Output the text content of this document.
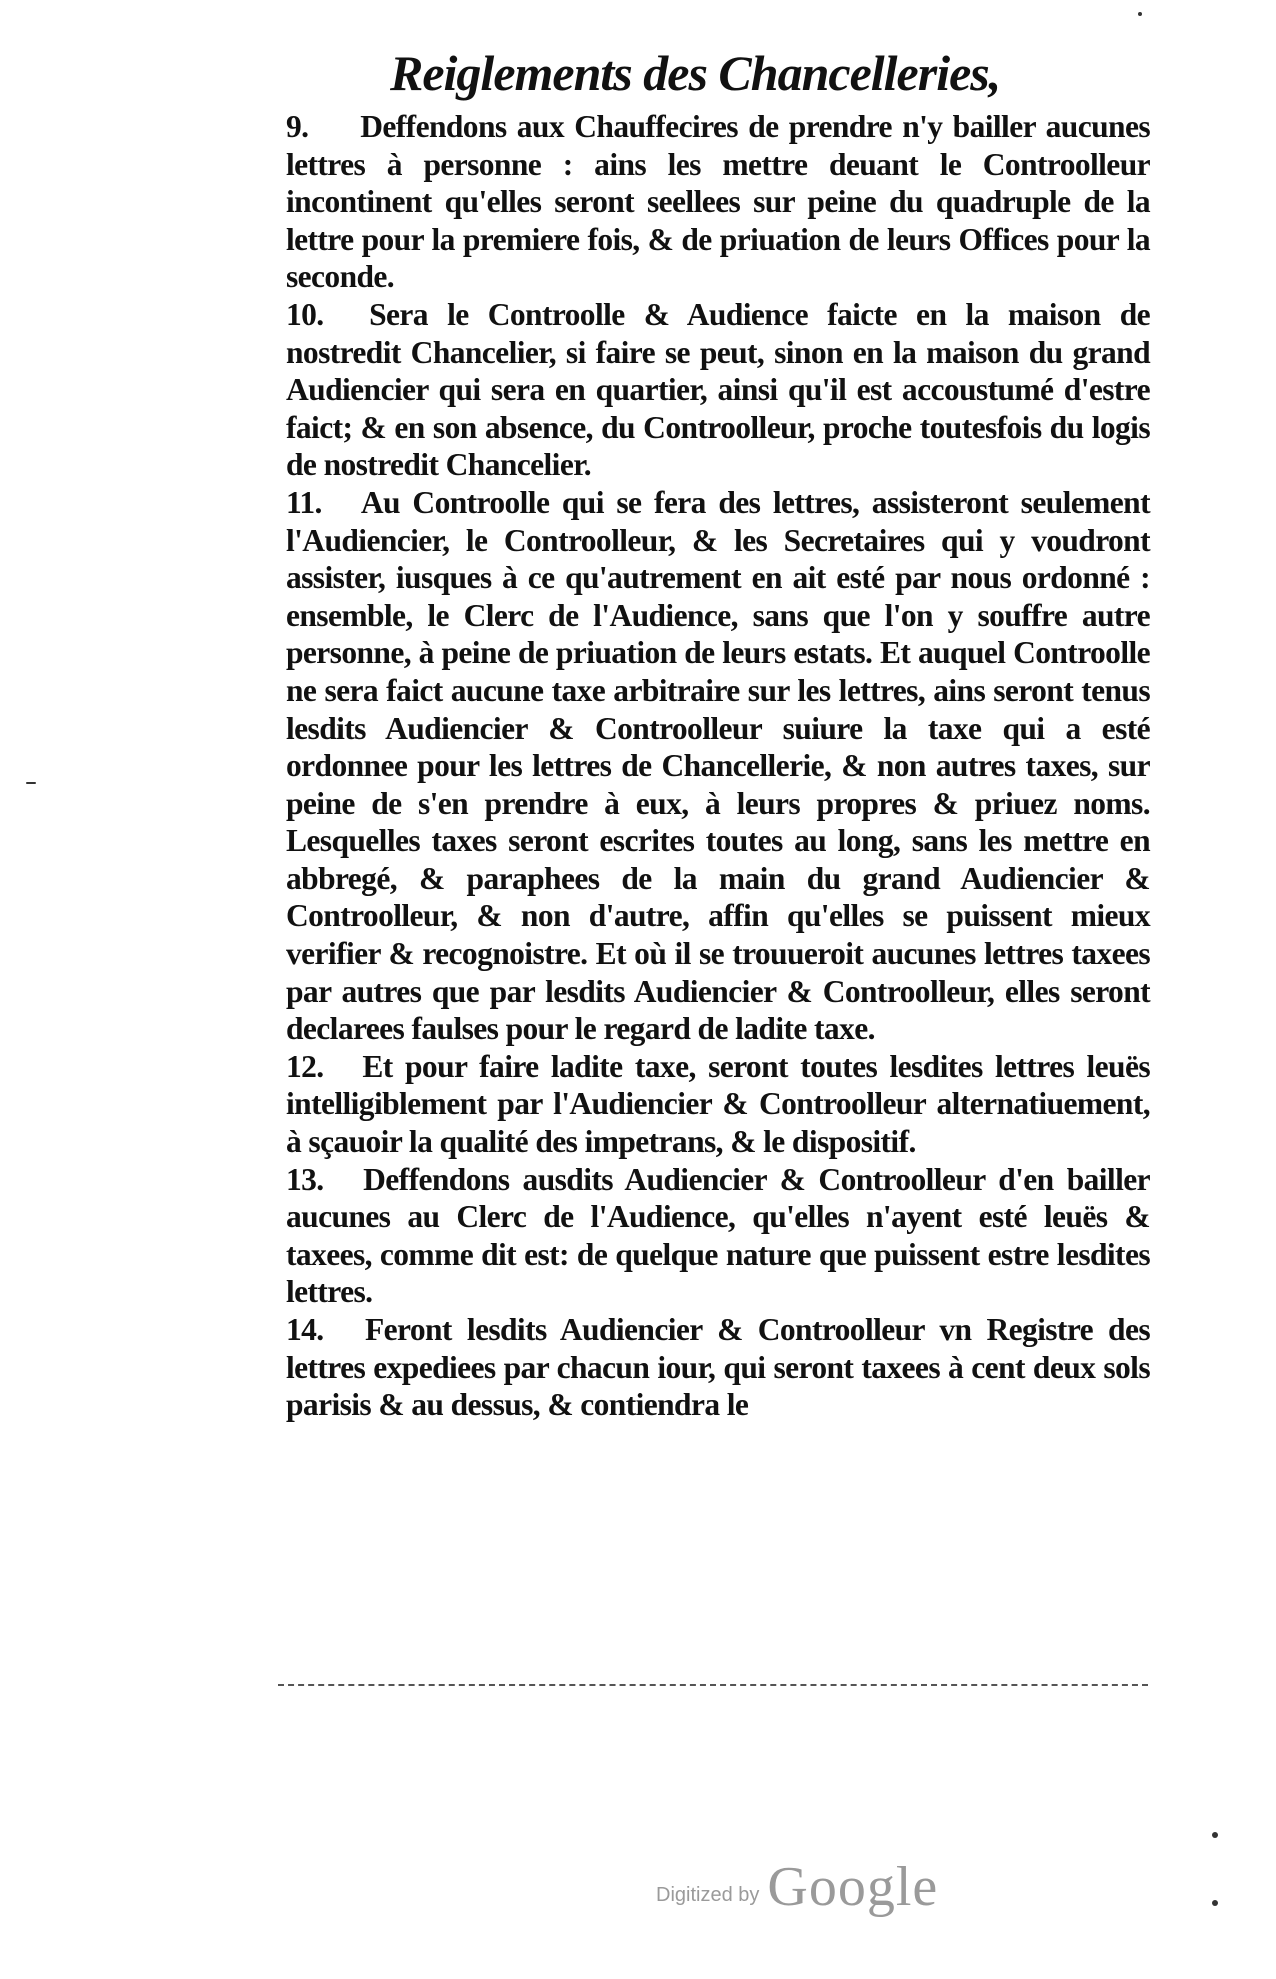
Reiglements des Chancelleries,

9. Deffendons aux Chauffecires de prendre n'y bailler aucunes lettres à personne : ains les mettre deuant le Controolleur incontinent qu'elles seront seellees sur peine du quadruple de la lettre pour la premiere fois, & de priuation de leurs Offices pour la seconde.

10. Sera le Controolle & Audience faicte en la maison de nostredit Chancelier, si faire se peut, sinon en la maison du grand Audiencier qui sera en quartier, ainsi qu'il est accoustumé d'estre faict; & en son absence, du Controolleur, proche toutesfois du logis de nostredit Chancelier.

11. Au Controolle qui se fera des lettres, assisteront seulement l'Audiencier, le Controolleur, & les Secretaires qui y voudront assister, iusques à ce qu'autrement en ait esté par nous ordonné : ensemble, le Clerc de l'Audience, sans que l'on y souffre autre personne, à peine de priuation de leurs estats. Et auquel Controolle ne sera faict aucune taxe arbitraire sur les lettres, ains seront tenus lesdits Audiencier & Controolleur suiure la taxe qui a esté ordonnee pour les lettres de Chancellerie, & non autres taxes, sur peine de s'en prendre à eux, à leurs propres & priuez noms. Lesquelles taxes seront escrites toutes au long, sans les mettre en abbregé, & paraphees de la main du grand Audiencier & Controolleur, & non d'autre, affin qu'elles se puissent mieux verifier & recognoistre. Et où il se trouueroit aucunes lettres taxees par autres que par lesdits Audiencier & Controolleur, elles seront declarees faulses pour le regard de ladite taxe.

12. Et pour faire ladite taxe, seront toutes lesdites lettres leuës intelligiblement par l'Audiencier & Controolleur alternatiuement, à sçauoir la qualité des impetrans, & le dispositif.

13. Deffendons ausdits Audiencier & Controolleur d'en bailler aucunes au Clerc de l'Audience, qu'elles n'ayent esté leuës & taxees, comme dit est: de quelque nature que puissent estre lesdites lettres.

14. Feront lesdits Audiencier & Controolleur vn Registre des lettres expediees par chacun iour, qui seront taxees à cent deux sols parisis & au dessus, & contiendra le

Digitized by Google
